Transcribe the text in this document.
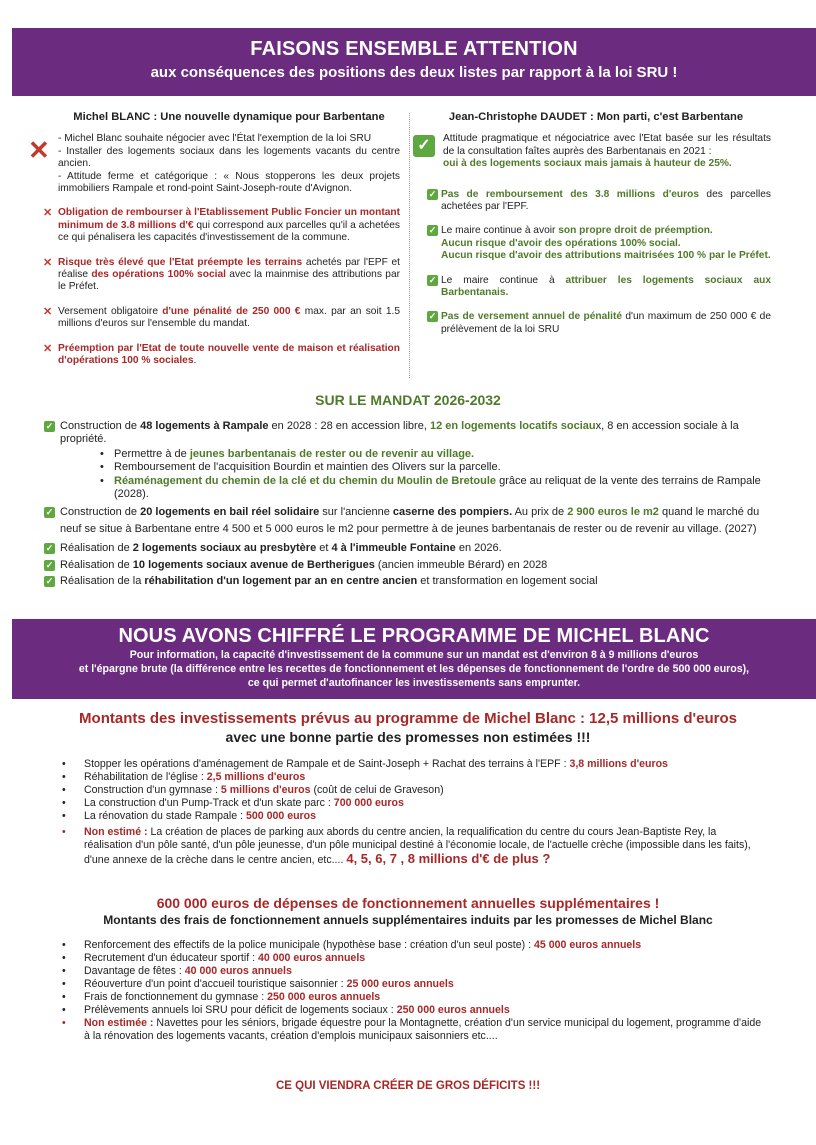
FAISONS ENSEMBLE ATTENTION
aux conséquences des positions des deux listes par rapport à la loi SRU !
Michel BLANC : Une nouvelle dynamique pour Barbentane
✕ - Michel Blanc souhaite négocier avec l'État l'exemption de la loi SRU
- Installer des logements sociaux dans les logements vacants du centre ancien.
- Attitude ferme et catégorique : « Nous stopperons les deux projets immobiliers Rampale et rond-point Saint-Joseph-route d'Avignon.
✕ Obligation de rembourser à l'Etablissement Public Foncier un montant minimum de 3.8 millions d'€ qui correspond aux parcelles qu'il a achetées ce qui pénalisera les capacités d'investissement de la commune.
✕ Risque très élevé que l'Etat préempte les terrains achetés par l'EPF et réalise des opérations 100% social avec la mainmise des attributions par le Préfet.
✕ Versement obligatoire d'une pénalité de 250 000 € max. par an soit 1.5 millions d'euros sur l'ensemble du mandat.
✕ Préemption par l'Etat de toute nouvelle vente de maison et réalisation d'opérations 100 % sociales.
Jean-Christophe DAUDET : Mon parti, c'est Barbentane
✓	Attitude pragmatique et négociatrice avec l'Etat basée sur les résultats de la consultation faîtes auprès des Barbentanais en 2021 :
oui à des logements sociaux mais jamais à hauteur de 25%.
✓ Pas de remboursement des 3.8 millions d'euros des parcelles achetées par l'EPF.
✓ Le maire continue à avoir son propre droit de préemption.
Aucun risque d'avoir des opérations 100% social.
Aucun risque d'avoir des attributions maitrisées 100 % par le Préfet.
✓ Le maire continue à attribuer les logements sociaux aux Barbentanais.
✓ Pas de versement annuel de pénalité d'un maximum de 250 000 € de prélèvement de la loi SRU
SUR LE MANDAT 2026-2032
✓ Construction de 48 logements à Rampale en 2028 : 28 en accession libre, 12 en logements locatifs sociaux, 8 en accession sociale à la propriété.
• Permettre à de jeunes barbentanais de rester ou de revenir au village.
• Remboursement de l'acquisition Bourdin et maintien des Olivers sur la parcelle.
• Réaménagement du chemin de la clé et du chemin du Moulin de Bretoule grâce au reliquat de la vente des terrains de Rampale (2028).
✓ Construction de 20 logements en bail réel solidaire sur l'ancienne caserne des pompiers. Au prix de 2 900 euros le m2 quand le marché du neuf se situe à Barbentane entre 4 500 et 5 000 euros le m2 pour permettre à de jeunes barbentanais de rester ou de revenir au village. (2027)
✓ Réalisation de 2 logements sociaux au presbytère et 4 à l'immeuble Fontaine en 2026.
✓ Réalisation de 10 logements sociaux avenue de Bertherigues (ancien immeuble Bérard) en 2028
✓ Réalisation de la réhabilitation d'un logement par an en centre ancien et transformation en logement social
NOUS AVONS CHIFFRÉ LE PROGRAMME DE MICHEL BLANC
Pour information, la capacité d'investissement de la commune sur un mandat est d'environ 8 à 9 millions d'euros
et l'épargne brute (la différence entre les recettes de fonctionnement et les dépenses de fonctionnement de l'ordre de 500 000 euros),
ce qui permet d'autofinancer les investissements sans emprunter.
Montants des investissements prévus au programme de Michel Blanc : 12,5 millions d'euros
avec une bonne partie des promesses non estimées !!!
• Stopper les opérations d'aménagement de Rampale et de Saint-Joseph + Rachat des terrains à l'EPF : 3,8 millions d'euros
• Réhabilitation de l'église : 2,5 millions d'euros
• Construction d'un gymnase : 5 millions d'euros (coût de celui de Graveson)
• La construction d'un Pump-Track et d'un skate parc : 700 000 euros
• La rénovation du stade Rampale : 500 000 euros
• Non estimé : La création de places de parking aux abords du centre ancien, la requalification du centre du cours Jean-Baptiste Rey, la réalisation d'un pôle santé, d'un pôle jeunesse, d'un pôle municipal destiné à l'économie locale, de l'actuelle crèche (impossible dans les faits), d'une annexe de la crèche dans le centre ancien, etc.... 4, 5, 6, 7 , 8 millions d'€ de plus ?
600 000 euros de dépenses de fonctionnement annuelles supplémentaires !
Montants des frais de fonctionnement annuels supplémentaires induits par les promesses de Michel Blanc
• Renforcement des effectifs de la police municipale (hypothèse base : création d'un seul poste) : 45 000 euros annuels
• Recrutement d'un éducateur sportif : 40 000 euros annuels
• Davantage de fêtes : 40 000 euros annuels
• Réouverture d'un point d'accueil touristique saisonnier : 25 000 euros annuels
• Frais de fonctionnement du gymnase : 250 000 euros annuels
• Prélèvements annuels loi SRU pour déficit de logements sociaux : 250 000 euros annuels
• Non estimée : Navettes pour les séniors, brigade équestre pour la Montagnette, création d'un service municipal du logement, programme d'aide à la rénovation des logements vacants, création d'emplois municipaux saisonniers etc....
CE QUI VIENDRA CRÉER DE GROS DÉFICITS !!!
